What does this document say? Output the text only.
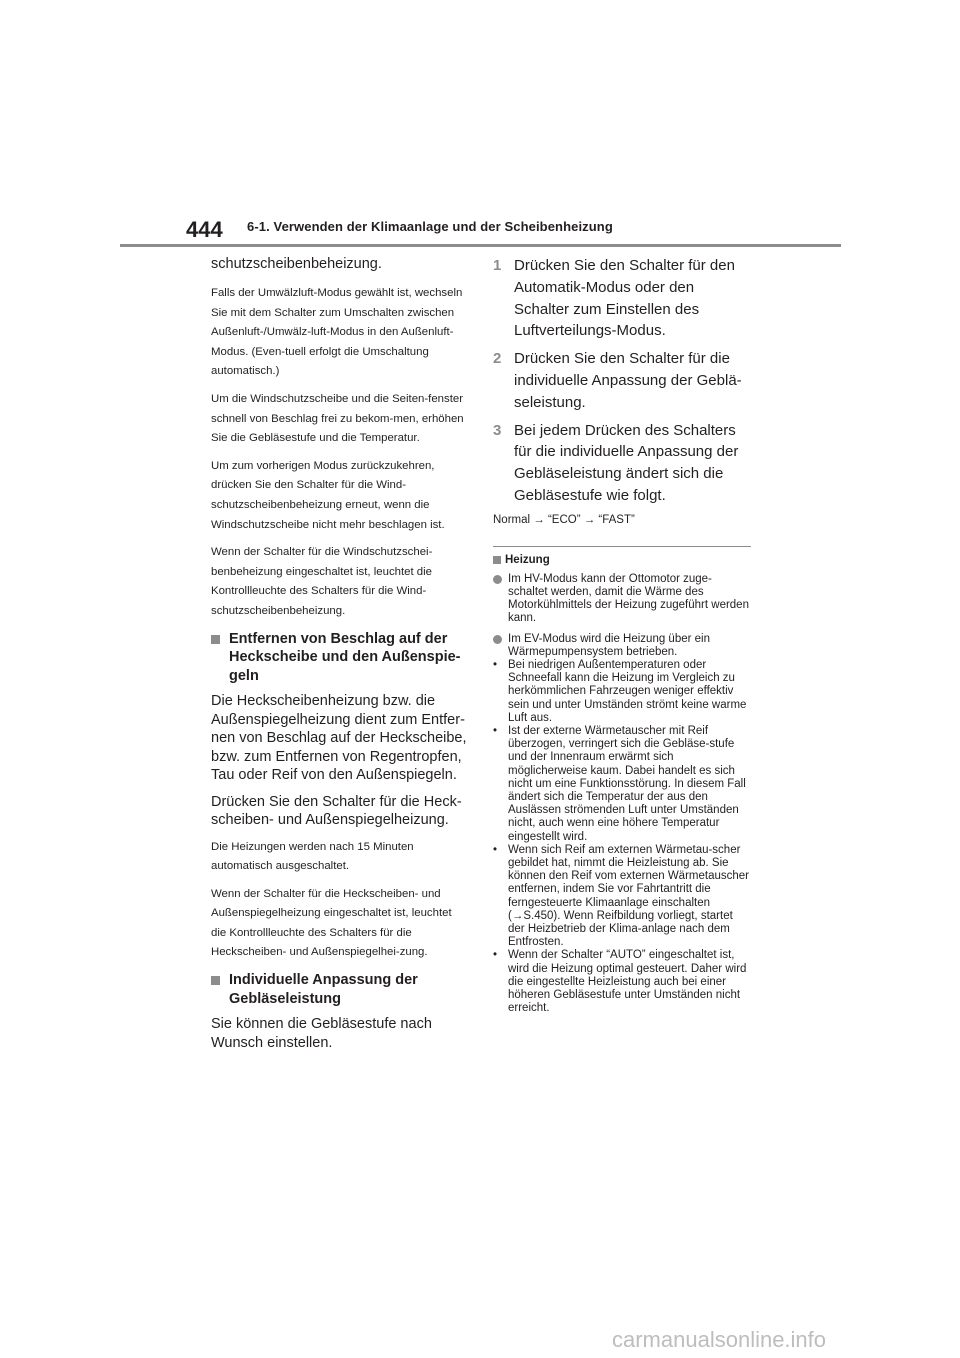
444 6-1. Verwenden der Klimaanlage und der Scheibenheizung

schutzscheibenbeheizung.

Falls der Umwälzluft-Modus gewählt ist, wechseln Sie mit dem Schalter zum Umschalten zwischen Außenluft-/Umwälz-luft-Modus in den Außenluft-Modus. (Even-tuell erfolgt die Umschaltung automatisch.)

Um die Windschutzscheibe und die Seiten-fenster schnell von Beschlag frei zu bekom-men, erhöhen Sie die Gebläsestufe und die Temperatur.

Um zum vorherigen Modus zurückzukehren, drücken Sie den Schalter für die Wind-schutzscheibenbeheizung erneut, wenn die Windschutzscheibe nicht mehr beschlagen ist.

Wenn der Schalter für die Windschutzschei-benbeheizung eingeschaltet ist, leuchtet die Kontrollleuchte des Schalters für die Wind-schutzscheibenbeheizung.

Entfernen von Beschlag auf der Heckscheibe und den Außenspie-geln

Die Heckscheibenheizung bzw. die Außenspiegelheizung dient zum Entfer-nen von Beschlag auf der Heckscheibe, bzw. zum Entfernen von Regentropfen, Tau oder Reif von den Außenspiegeln.

Drücken Sie den Schalter für die Heck-scheiben- und Außenspiegelheizung.

Die Heizungen werden nach 15 Minuten automatisch ausgeschaltet.

Wenn der Schalter für die Heckscheiben- und Außenspiegelheizung eingeschaltet ist, leuchtet die Kontrollleuchte des Schalters für die Heckscheiben- und Außenspiegelhei-zung.

Individuelle Anpassung der Gebläseleistung

Sie können die Gebläsestufe nach Wunsch einstellen.

1 Drücken Sie den Schalter für den Automatik-Modus oder den Schalter zum Einstellen des Luftverteilungs-Modus.
2 Drücken Sie den Schalter für die individuelle Anpassung der Geblä-seleistung.
3 Bei jedem Drücken des Schalters für die individuelle Anpassung der Gebläseleistung ändert sich die Gebläsestufe wie folgt.
Normal → “ECO” → “FAST”
Heizung
Im HV-Modus kann der Ottomotor zuge-schaltet werden, damit die Wärme des Motorkühlmittels der Heizung zugeführt werden kann.
Im EV-Modus wird die Heizung über ein Wärmepumpensystem betrieben.
• Bei niedrigen Außentemperaturen oder Schneefall kann die Heizung im Vergleich zu herkömmlichen Fahrzeugen weniger effektiv sein und unter Umständen strömt keine warme Luft aus.
• Ist der externe Wärmetauscher mit Reif überzogen, verringert sich die Gebläse-stufe und der Innenraum erwärmt sich möglicherweise kaum. Dabei handelt es sich nicht um eine Funktionsstörung. In diesem Fall ändert sich die Temperatur der aus den Auslässen strömenden Luft unter Umständen nicht, auch wenn eine höhere Temperatur eingestellt wird.
• Wenn sich Reif am externen Wärmetau-scher gebildet hat, nimmt die Heizleistung ab. Sie können den Reif vom externen Wärmetauscher entfernen, indem Sie vor Fahrtantritt die ferngesteuerte Klimaanlage einschalten (→S.450). Wenn Reifbildung vorliegt, startet der Heizbetrieb der Klima-anlage nach dem Entfrosten.
• Wenn der Schalter “AUTO” eingeschaltet ist, wird die Heizung optimal gesteuert. Daher wird die eingestellte Heizleistung auch bei einer höheren Gebläsestufe unter Umständen nicht erreicht.
carmanualsonline.info
